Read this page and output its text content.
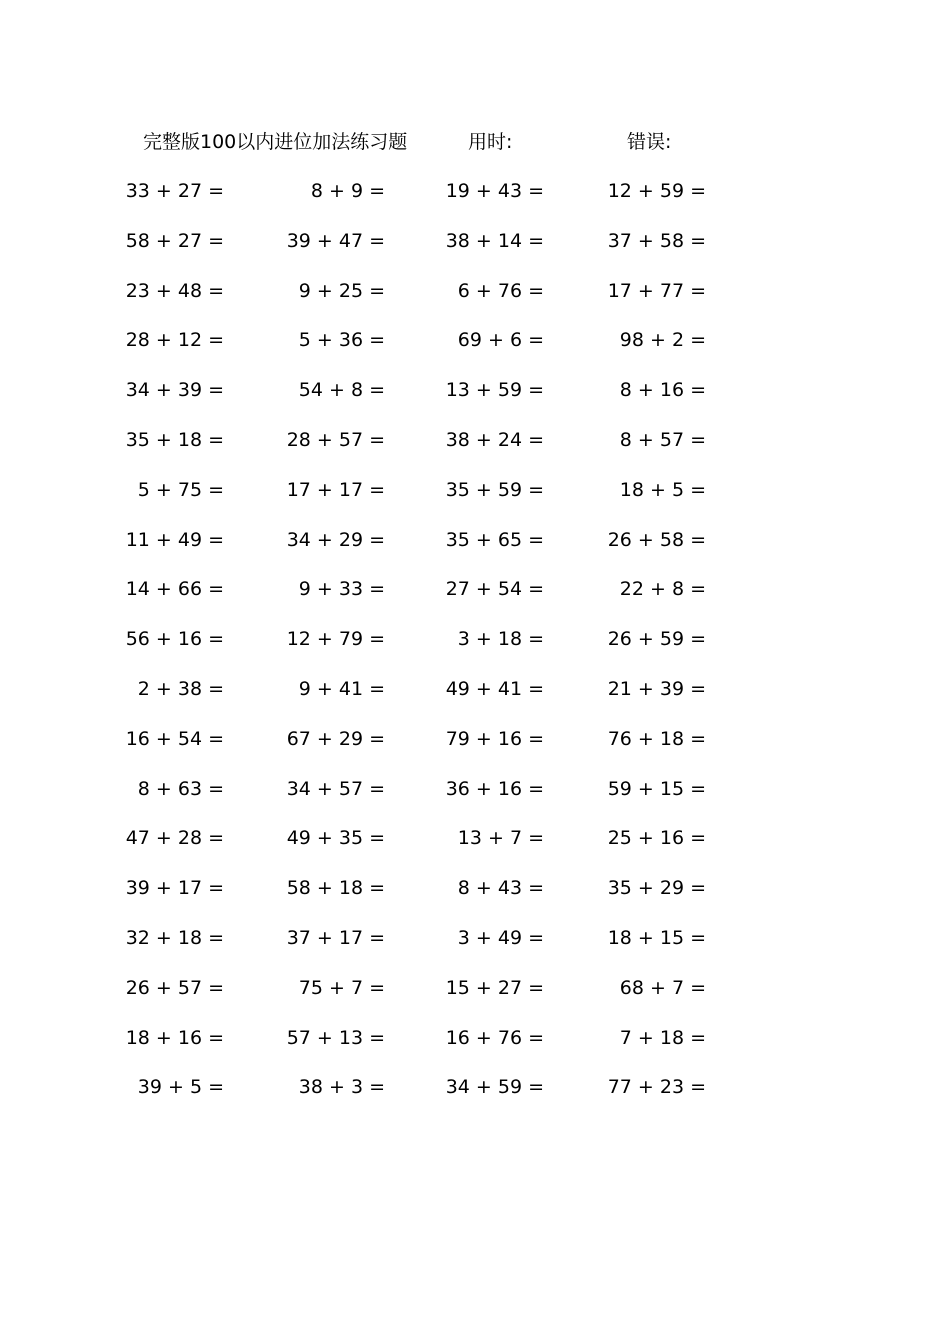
完整版100以内进位加法练习题	用时:	错误:
33 + 27 =	8 + 9 =	19 + 43 =	12 + 59 =
58 + 27 =	39 + 47 =	38 + 14 =	37 + 58 =
23 + 48 =	9 + 25 =	6 + 76 =	17 + 77 =
28 + 12 =	5 + 36 =	69 + 6 =	98 + 2 =
34 + 39 =	54 + 8 =	13 + 59 =	8 + 16 =
35 + 18 =	28 + 57 =	38 + 24 =	8 + 57 =
5 + 75 =	17 + 17 =	35 + 59 =	18 + 5 =
11 + 49 =	34 + 29 =	35 + 65 =	26 + 58 =
14 + 66 =	9 + 33 =	27 + 54 =	22 + 8 =
56 + 16 =	12 + 79 =	3 + 18 =	26 + 59 =
2 + 38 =	9 + 41 =	49 + 41 =	21 + 39 =
16 + 54 =	67 + 29 =	79 + 16 =	76 + 18 =
8 + 63 =	34 + 57 =	36 + 16 =	59 + 15 =
47 + 28 =	49 + 35 =	13 + 7 =	25 + 16 =
39 + 17 =	58 + 18 =	8 + 43 =	35 + 29 =
32 + 18 =	37 + 17 =	3 + 49 =	18 + 15 =
26 + 57 =	75 + 7 =	15 + 27 =	68 + 7 =
18 + 16 =	57 + 13 =	16 + 76 =	7 + 18 =
39 + 5 =	38 + 3 =	34 + 59 =	77 + 23 =
